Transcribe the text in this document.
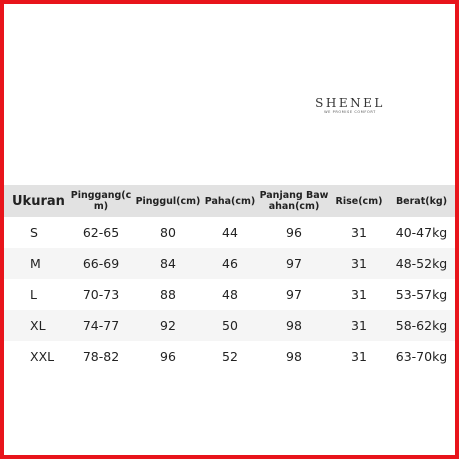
SHENEL
WE PROMISE COMFORT
Ukuran	Pinggang(cm)	Pinggul(cm)	Paha(cm)	Panjang Bawahan(cm)	Rise(cm)	Berat(kg)
S	62-65	80	44	96	31	40-47kg
M	66-69	84	46	97	31	48-52kg
L	70-73	88	48	97	31	53-57kg
XL	74-77	92	50	98	31	58-62kg
XXL	78-82	96	52	98	31	63-70kg
